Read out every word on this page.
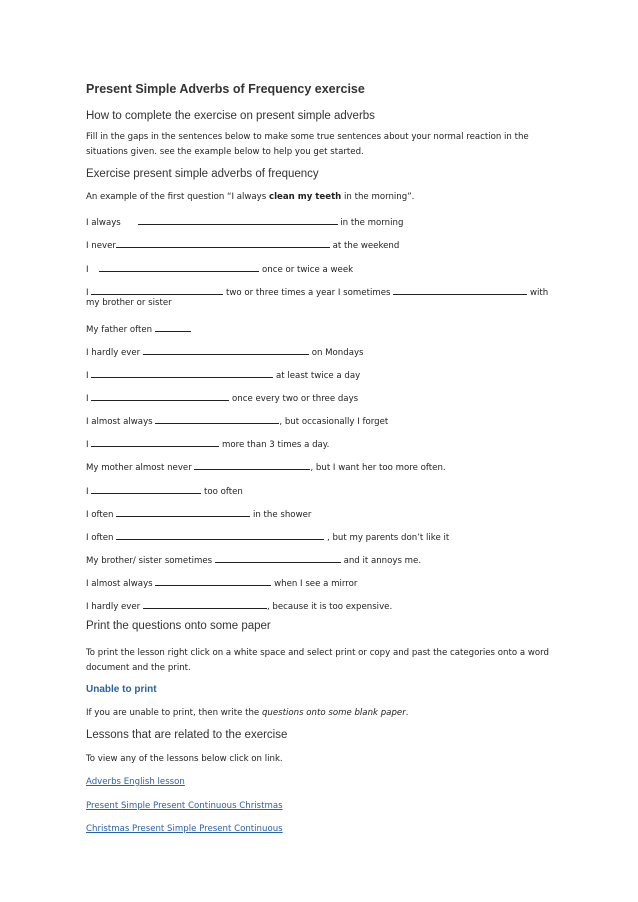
Present Simple Adverbs of Frequency exercise
How to complete the exercise on present simple adverbs

Fill in the gaps in the sentences below to make some true sentences about your normal reaction in the situations given. see the example below to help you get started.

Exercise present simple adverbs of frequency
An example of the first question “I always clean my teeth in the morning”.
I always	in the morning
I never	at the weekend
I	once or twice a week
I	two or three times a year I sometimes	with
my brother or sister
My father often
I hardly ever	on Mondays
I	at least twice a day
I	once every two or three days
I almost always	, but occasionally I forget
I	more than 3 times a day.
My mother almost never	, but I want her too more often.
I	too often
I often	in the shower
I often	, but my parents don’t like it
My brother/ sister sometimes	and it annoys me.
I almost always	when I see a mirror
I hardly ever	, because it is too expensive.
Print the questions onto some paper

To print the lesson right click on a white space and select print or copy and past the categories onto a word document and the print.

Unable to print
If you are unable to print, then write the questions onto some blank paper.
Lessons that are related to the exercise
To view any of the lessons below click on link.
Adverbs English lesson
Present Simple Present Continuous Christmas
Christmas Present Simple Present Continuous
